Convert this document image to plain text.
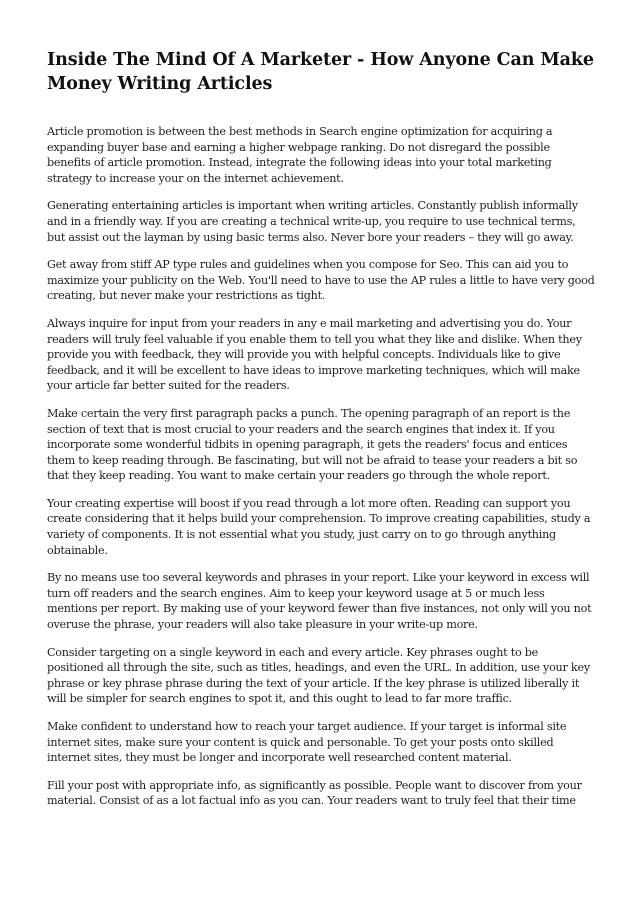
Inside The Mind Of A Marketer - How Anyone Can Make Money Writing Articles

Article promotion is between the best methods in Search engine optimization for acquiring a expanding buyer base and earning a higher webpage ranking. Do not disregard the possible benefits of article promotion. Instead, integrate the following ideas into your total marketing strategy to increase your on the internet achievement.

Generating entertaining articles is important when writing articles. Constantly publish informally and in a friendly way. If you are creating a technical write-up, you require to use technical terms, but assist out the layman by using basic terms also. Never bore your readers – they will go away.

Get away from stiff AP type rules and guidelines when you compose for Seo. This can aid you to maximize your publicity on the Web. You'll need to have to use the AP rules a little to have very good creating, but never make your restrictions as tight.

Always inquire for input from your readers in any e mail marketing and advertising you do. Your readers will truly feel valuable if you enable them to tell you what they like and dislike. When they provide you with feedback, they will provide you with helpful concepts. Individuals like to give feedback, and it will be excellent to have ideas to improve marketing techniques, which will make your article far better suited for the readers.

Make certain the very first paragraph packs a punch. The opening paragraph of an report is the section of text that is most crucial to your readers and the search engines that index it. If you incorporate some wonderful tidbits in opening paragraph, it gets the readers' focus and entices them to keep reading through. Be fascinating, but will not be afraid to tease your readers a bit so that they keep reading. You want to make certain your readers go through the whole report.

Your creating expertise will boost if you read through a lot more often. Reading can support you create considering that it helps build your comprehension. To improve creating capabilities, study a variety of components. It is not essential what you study, just carry on to go through anything obtainable.

By no means use too several keywords and phrases in your report. Like your keyword in excess will turn off readers and the search engines. Aim to keep your keyword usage at 5 or much less mentions per report. By making use of your keyword fewer than five instances, not only will you not overuse the phrase, your readers will also take pleasure in your write-up more.

Consider targeting on a single keyword in each and every article. Key phrases ought to be positioned all through the site, such as titles, headings, and even the URL. In addition, use your key phrase or key phrase phrase during the text of your article. If the key phrase is utilized liberally it will be simpler for search engines to spot it, and this ought to lead to far more traffic.

Make confident to understand how to reach your target audience. If your target is informal site internet sites, make sure your content is quick and personable. To get your posts onto skilled internet sites, they must be longer and incorporate well researched content material.

Fill your post with appropriate info, as significantly as possible. People want to discover from your material. Consist of as a lot factual info as you can. Your readers want to truly feel that their time
